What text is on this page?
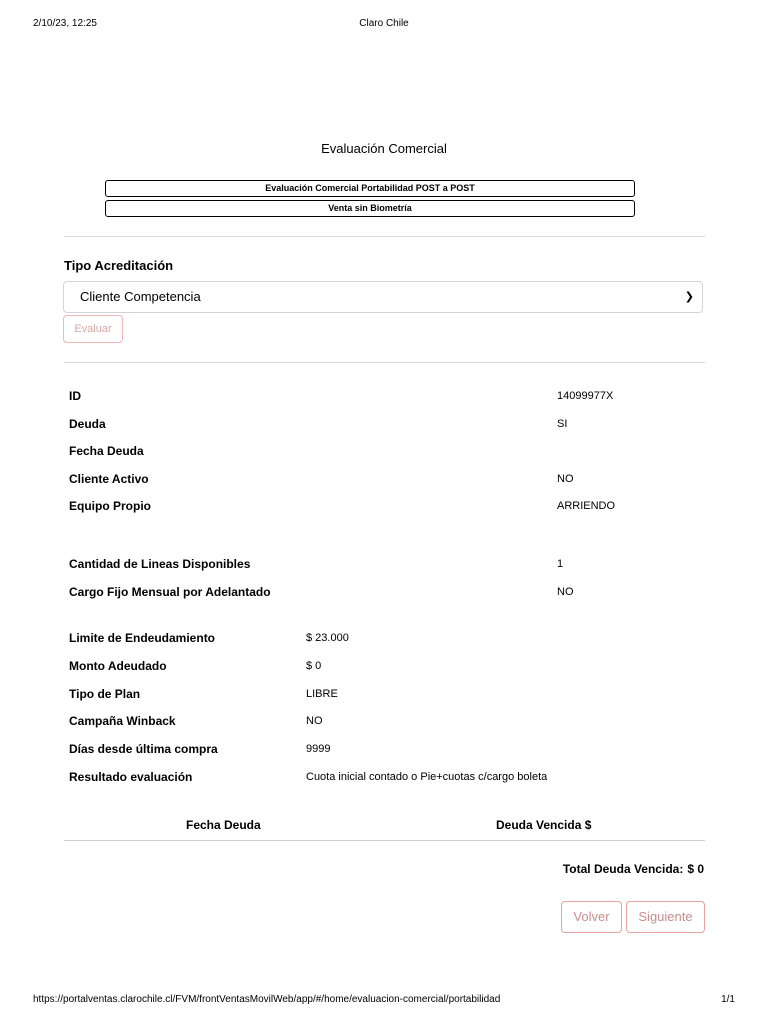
2/10/23, 12:25	Claro Chile
Evaluación Comercial
Evaluación Comercial Portabilidad POST a POST
Venta sin Biometría
Tipo Acreditación
Cliente Competencia	❯
Evaluar
ID	14099977X
Deuda	SI
Fecha Deuda
Cliente Activo	NO
Equipo Propio	ARRIENDO
Cantidad de Lineas Disponibles	1
Cargo Fijo Mensual por Adelantado	NO
Limite de Endeudamiento	$ 23.000
Monto Adeudado	$ 0
Tipo de Plan	LIBRE
Campaña Winback	NO
Días desde última compra	9999
Resultado evaluación	Cuota inicial contado o Pie+cuotas c/cargo boleta
Fecha Deuda	Deuda Vencida $
Total Deuda Vencida: $ 0
Volver	Siguiente
https://portalventas.clarochile.cl/FVM/frontVentasMovilWeb/app/#/home/evaluacion-comercial/portabilidad	1/1
